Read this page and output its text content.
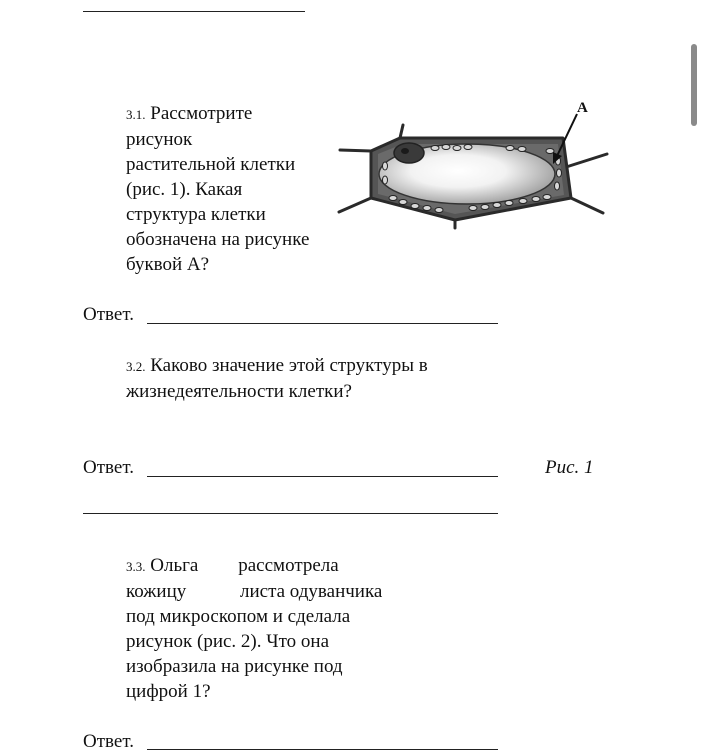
3.1. Рассмотрите
рисунок
растительной клетки
(рис. 1). Какая
структура клетки
обозначена на рисунке
буквой А?
A
Ответ.
3.2. Каково значение этой структуры в
жизнедеятельности клетки?
Ответ.	Рис. 1
3.3. Ольга рассмотрела
кожицу	листа одуванчика
под микроскопом и сделала
рисунок (рис. 2). Что она
изобразила на рисунке под
цифрой 1?
Ответ.
